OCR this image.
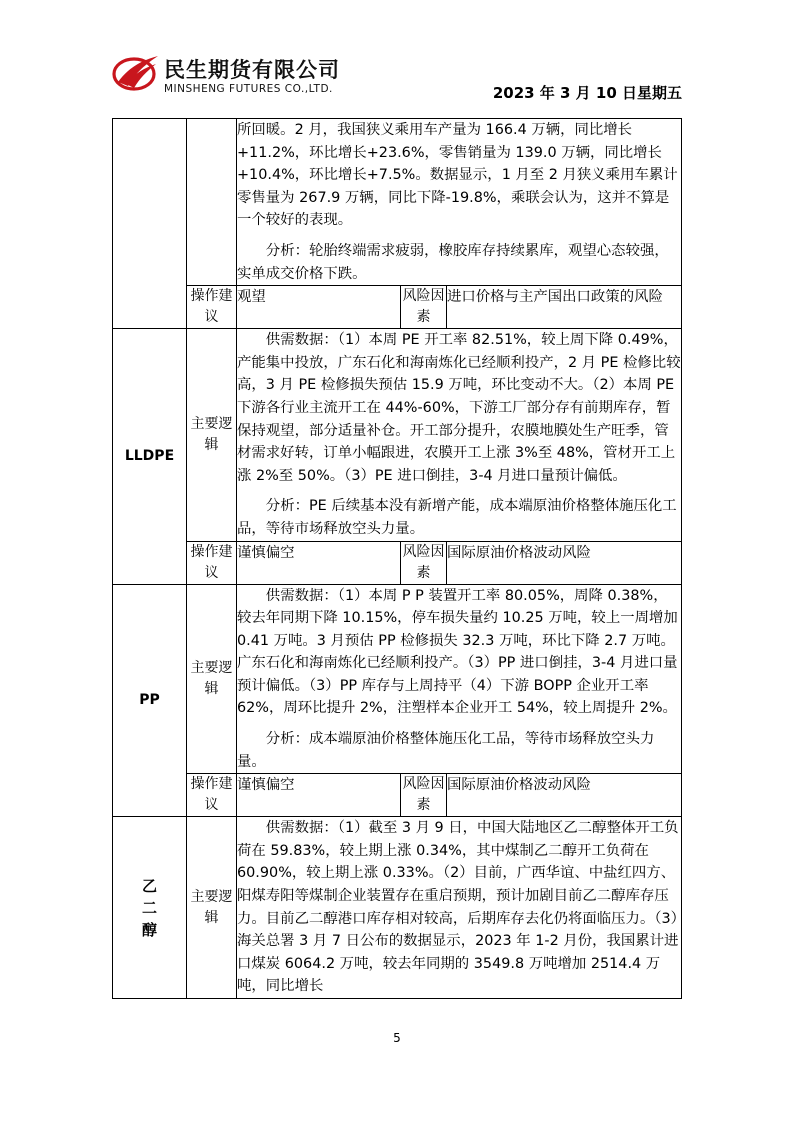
民生期货有限公司
MINSHENG FUTURES CO.,LTD.	2023 年 3 月 10 日星期五

		所回暖。2 月，我国狭义乘用车产量为 166.4 万辆，同比增长+11.2%，环比增长+23.6%，零售销量为 139.0 万辆，同比增长+10.4%，环比增长+7.5%。数据显示，1 月至 2 月狭义乘用车累计零售量为 267.9 万辆，同比下降-19.8%，乘联会认为，这并不算是一个较好的表现。

分析：轮胎终端需求疲弱，橡胶库存持续累库，观望心态较强，实单成交价格下跌。		

	操作建议	观望	风险因素	进口价格与主产国出口政策的风险
LLDPE	主要逻辑	供需数据：（1）本周 PE 开工率 82.51%，较上周下降 0.49%，产能集中投放，广东石化和海南炼化已经顺利投产，2 月 PE 检修比较高，3 月 PE 检修损失预估 15.9 万吨，环比变动不大。（2）本周 PE 下游各行业主流开工在 44%-60%，下游工厂部分存有前期库存，暂保持观望，部分适量补仓。开工部分提升，农膜地膜处生产旺季，管材需求好转，订单小幅跟进，农膜开工上涨 3%至 48%，管材开工上涨 2%至 50%。（3）PE 进口倒挂，3-4 月进口量预计偏低。

分析：PE 后续基本没有新增产能，成本端原油价格整体施压化工品，等待市场释放空头力量。		

	操作建议	谨慎偏空	风险因素	国际原油价格波动风险
PP	主要逻辑	供需数据：（1）本周 P P 装置开工率 80.05%，周降 0.38%，较去年同期下降 10.15%，停车损失量约 10.25 万吨，较上一周增加 0.41 万吨。3 月预估 PP 检修损失 32.3 万吨，环比下降 2.7 万吨。广东石化和海南炼化已经顺利投产。（3）PP 进口倒挂，3-4 月进口量预计偏低。（3）PP 库存与上周持平（4）下游 BOPP 企业开工率 62%，周环比提升 2%，注塑样本企业开工 54%，较上周提升 2%。

分析：成本端原油价格整体施压化工品，等待市场释放空头力量。		

	操作建议	谨慎偏空	风险因素	国际原油价格波动风险
乙二醇	主要逻辑	供需数据：（1）截至 3 月 9 日，中国大陆地区乙二醇整体开工负荷在 59.83%，较上期上涨 0.34%，其中煤制乙二醇开工负荷在 60.90%，较上期上涨 0.33%。（2）目前，广西华谊、中盐红四方、阳煤寿阳等煤制企业装置存在重启预期，预计加剧目前乙二醇库存压力。目前乙二醇港口库存相对较高，后期库存去化仍将面临压力。（3）海关总署 3 月 7 日公布的数据显示，2023 年 1-2 月份，我国累计进口煤炭 6064.2 万吨，较去年同期的 3549.8 万吨增加 2514.4 万吨，同比增长		

5
